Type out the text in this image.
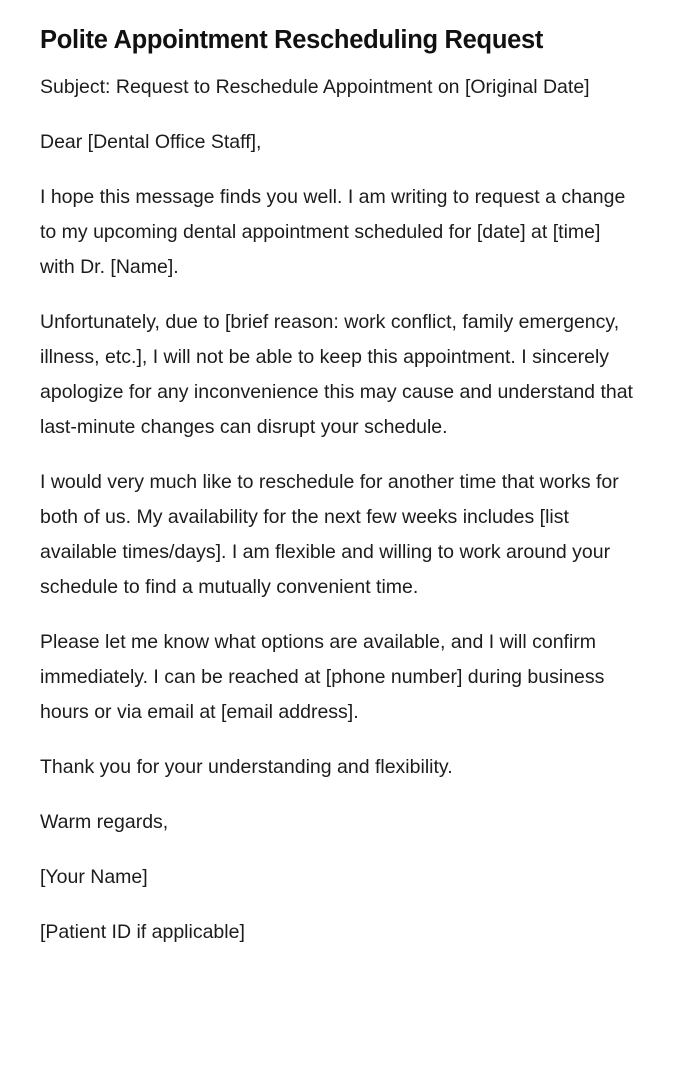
Polite Appointment Rescheduling Request

Subject: Request to Reschedule Appointment on [Original Date]

Dear [Dental Office Staff],

I hope this message finds you well. I am writing to request a change to my upcoming dental appointment scheduled for [date] at [time] with Dr. [Name].

Unfortunately, due to [brief reason: work conflict, family emergency, illness, etc.], I will not be able to keep this appointment. I sincerely apologize for any inconvenience this may cause and understand that last-minute changes can disrupt your schedule.

I would very much like to reschedule for another time that works for both of us. My availability for the next few weeks includes [list available times/days]. I am flexible and willing to work around your schedule to find a mutually convenient time.

Please let me know what options are available, and I will confirm immediately. I can be reached at [phone number] during business hours or via email at [email address].

Thank you for your understanding and flexibility.

Warm regards,

[Your Name]

[Patient ID if applicable]
